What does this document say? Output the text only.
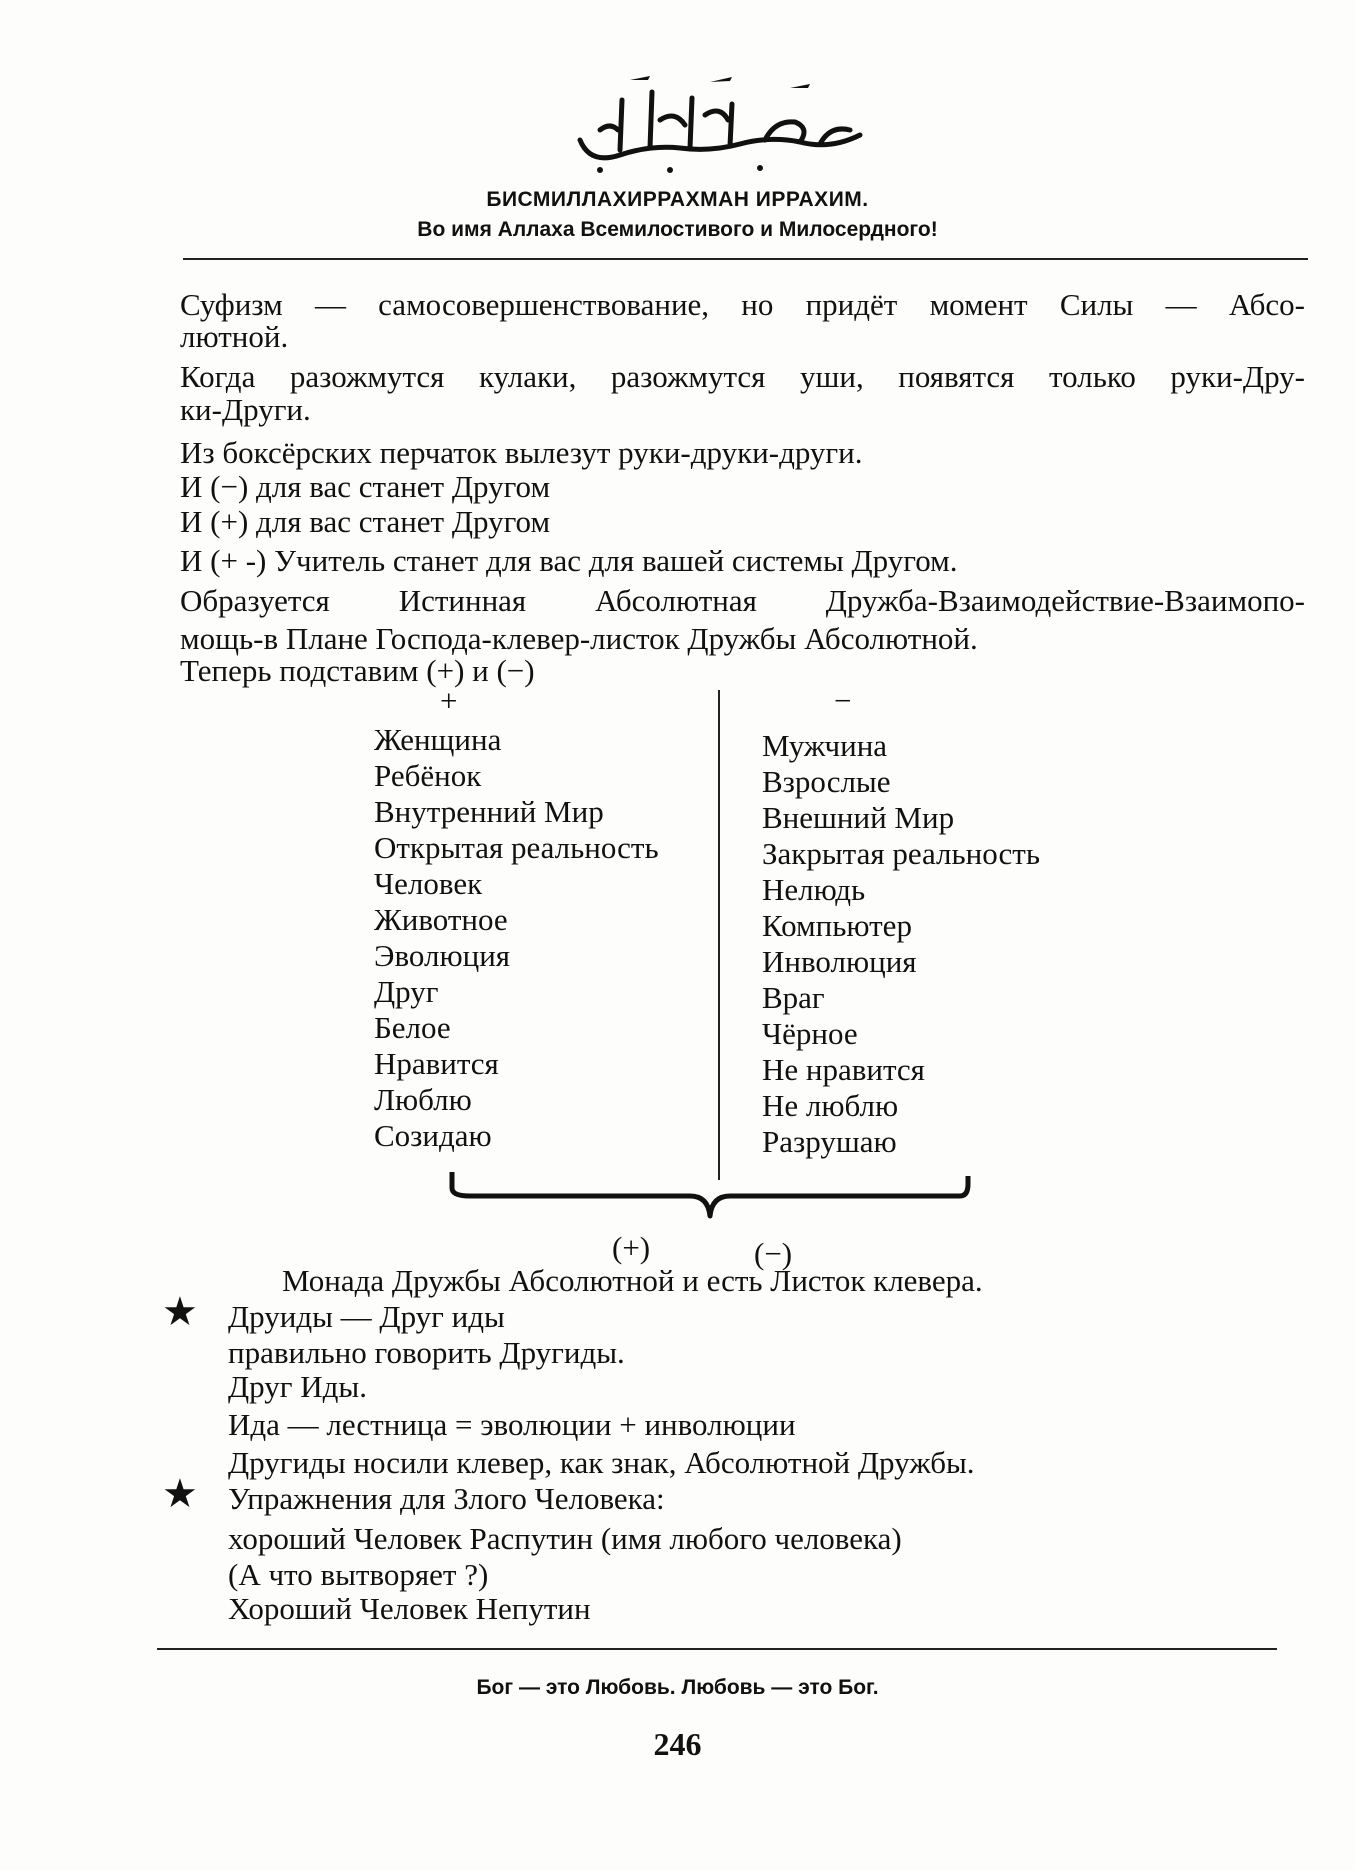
БИСМИЛЛАХИРРАХМАН ИРРАХИМ.
Во имя Аллаха Всемилостивого и Милосердного!
Суфизм — самосовершенствование, но придёт момент Силы — Абсо-
лютной.
Когда разожмутся кулаки, разожмутся уши, появятся только руки-Дру-
ки-Други.
Из боксёрских перчаток вылезут руки-друки-други.
И (−) для вас станет Другом
И (+) для вас станет Другом
И (+ -) Учитель станет для вас для вашей системы Другом.
Образуется Истинная Абсолютная Дружба-Взаимодействие-Взаимопо-
мощь-в Плане Господа-клевер-листок Дружбы Абсолютной.
Теперь подставим (+) и (−)
+	−
Женщина
Ребёнок
Внутренний Мир
Открытая реальность
Человек
Животное
Эволюция
Друг
Белое
Нравится
Люблю
Созидаю
Мужчина
Взрослые
Внешний Мир
Закрытая реальность
Нелюдь
Компьютер
Инволюция
Враг
Чёрное
Не нравится
Не люблю
Разрушаю
(+)	(−)
Монада Дружбы Абсолютной и есть Листок клевера.
★ Друиды — Друг иды
правильно говорить Другиды.
Друг Иды.
Ида — лестница = эволюции + инволюции
Другиды носили клевер, как знак, Абсолютной Дружбы.
★ Упражнения для Злого Человека:
хороший Человек Распутин (имя любого человека)
(А что вытворяет ?)
Хороший Человек Непутин
Бог — это Любовь. Любовь — это Бог.
246
